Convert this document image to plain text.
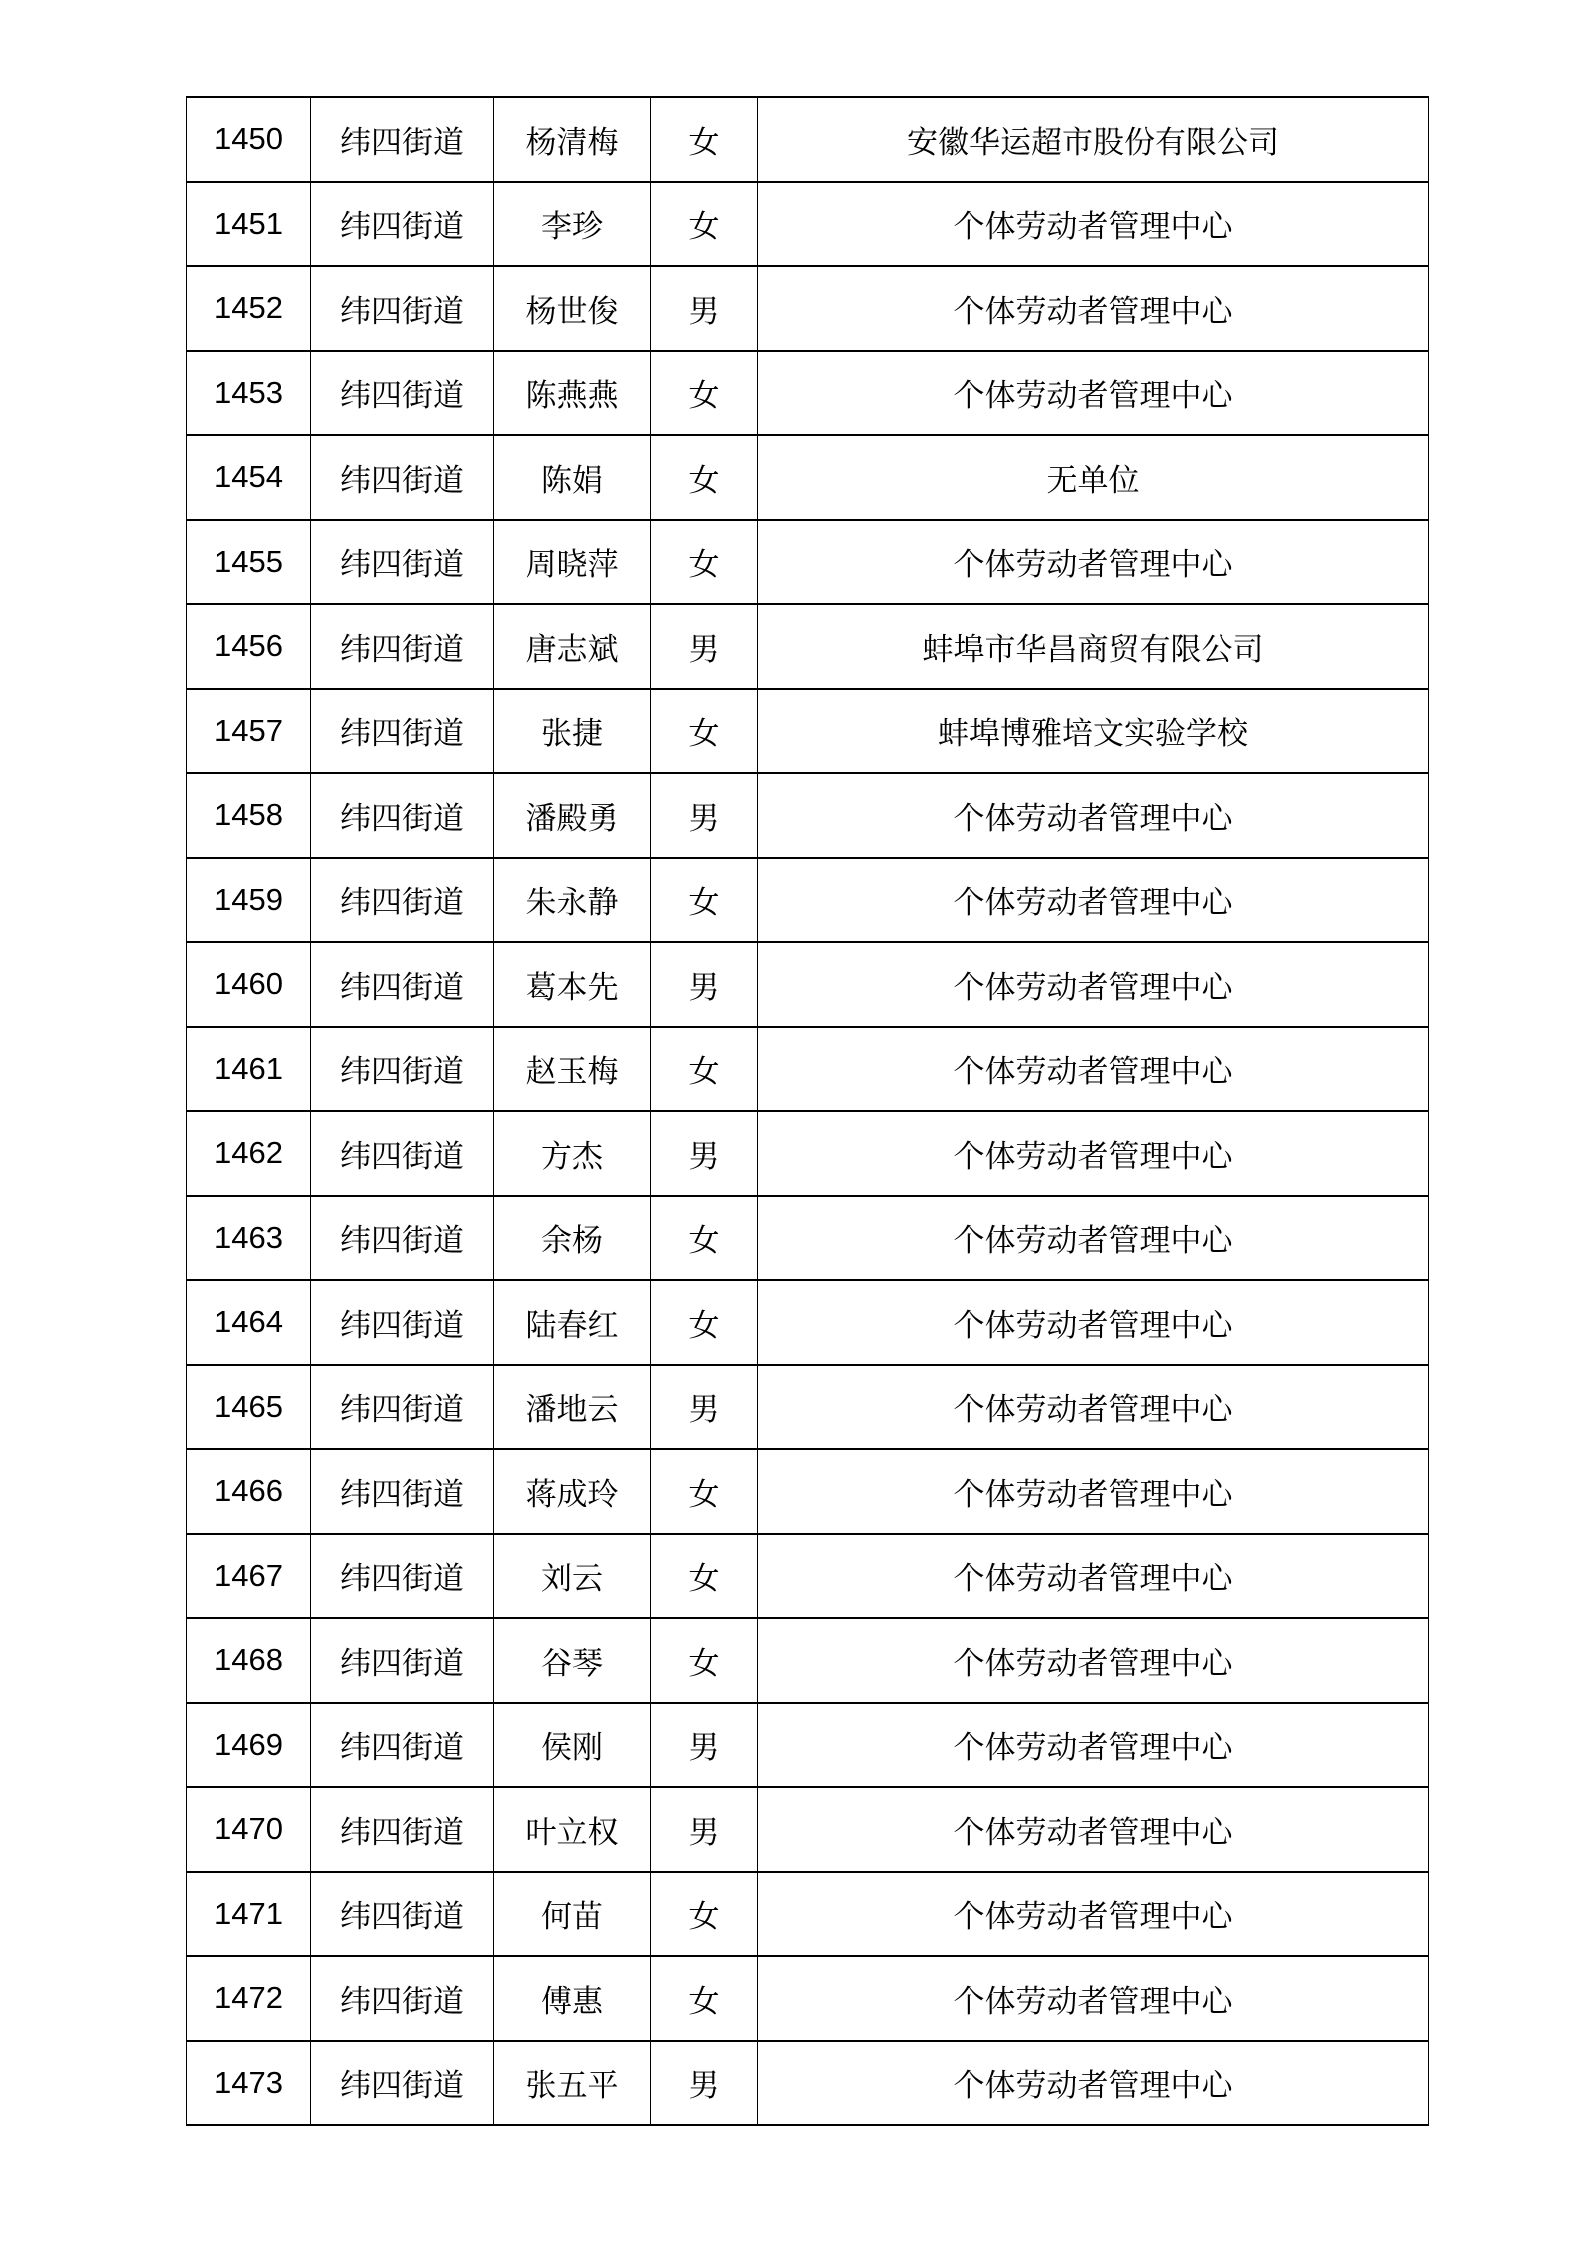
1450	纬四街道	杨清梅	女	安徽华运超市股份有限公司
1451	纬四街道	李珍	女	个体劳动者管理中心
1452	纬四街道	杨世俊	男	个体劳动者管理中心
1453	纬四街道	陈燕燕	女	个体劳动者管理中心
1454	纬四街道	陈娟	女	无单位
1455	纬四街道	周晓萍	女	个体劳动者管理中心
1456	纬四街道	唐志斌	男	蚌埠市华昌商贸有限公司
1457	纬四街道	张捷	女	蚌埠博雅培文实验学校
1458	纬四街道	潘殿勇	男	个体劳动者管理中心
1459	纬四街道	朱永静	女	个体劳动者管理中心
1460	纬四街道	葛本先	男	个体劳动者管理中心
1461	纬四街道	赵玉梅	女	个体劳动者管理中心
1462	纬四街道	方杰	男	个体劳动者管理中心
1463	纬四街道	余杨	女	个体劳动者管理中心
1464	纬四街道	陆春红	女	个体劳动者管理中心
1465	纬四街道	潘地云	男	个体劳动者管理中心
1466	纬四街道	蒋成玲	女	个体劳动者管理中心
1467	纬四街道	刘云	女	个体劳动者管理中心
1468	纬四街道	谷琴	女	个体劳动者管理中心
1469	纬四街道	侯刚	男	个体劳动者管理中心
1470	纬四街道	叶立权	男	个体劳动者管理中心
1471	纬四街道	何苗	女	个体劳动者管理中心
1472	纬四街道	傅惠	女	个体劳动者管理中心
1473	纬四街道	张五平	男	个体劳动者管理中心
